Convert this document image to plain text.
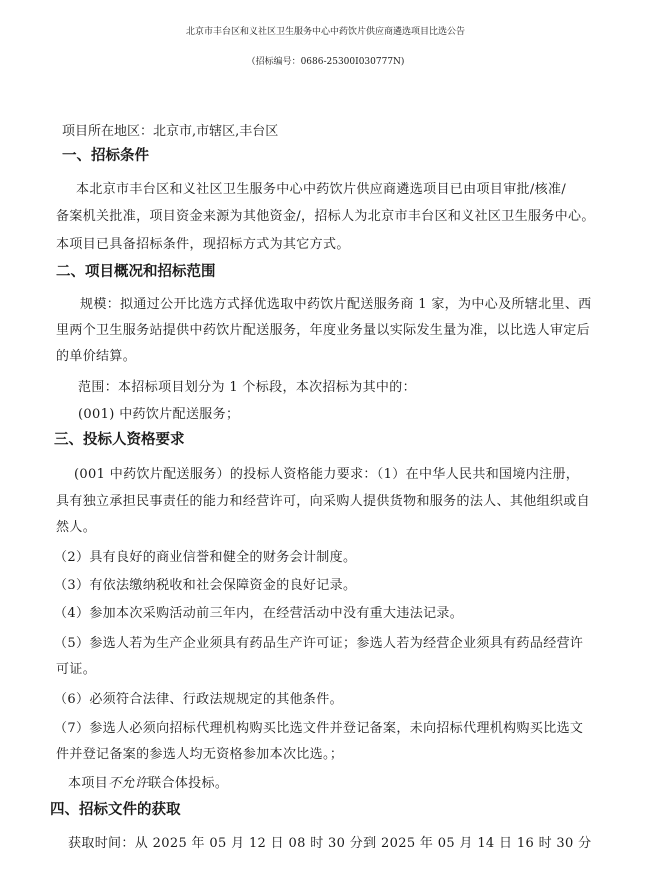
北京市丰台区和义社区卫生服务中心中药饮片供应商遴选项目比选公告
（招标编号：0686-25300I030777N)
项目所在地区：北京市,市辖区,丰台区
一、招标条件
本北京市丰台区和义社区卫生服务中心中药饮片供应商遴选项目已由项目审批/核准/
备案机关批准，项目资金来源为其他资金/，招标人为北京市丰台区和义社区卫生服务中心。
本项目已具备招标条件，现招标方式为其它方式。
二、项目概况和招标范围
规模：拟通过公开比选方式择优选取中药饮片配送服务商 1 家，为中心及所辖北里、西
里两个卫生服务站提供中药饮片配送服务，年度业务量以实际发生量为准，以比选人审定后
的单价结算。
范围：本招标项目划分为 1 个标段，本次招标为其中的：
(001) 中药饮片配送服务；
三、投标人资格要求
(001 中药饮片配送服务）的投标人资格能力要求：（1）在中华人民共和国境内注册，
具有独立承担民事责任的能力和经营许可，向采购人提供货物和服务的法人、其他组织或自
然人。
（2）具有良好的商业信誉和健全的财务会计制度。
（3）有依法缴纳税收和社会保障资金的良好记录。
（4）参加本次采购活动前三年内，在经营活动中没有重大违法记录。
（5）参选人若为生产企业须具有药品生产许可证；参选人若为经营企业须具有药品经营许
可证。
（6）必须符合法律、行政法规规定的其他条件。
（7）参选人必须向招标代理机构购买比选文件并登记备案，未向招标代理机构购买比选文
件并登记备案的参选人均无资格参加本次比选。；
本项目不允许联合体投标。
四、招标文件的获取
获取时间：从 2025 年 05 月 12 日 08 时 30 分到 2025 年 05 月 14 日 16 时 30 分
